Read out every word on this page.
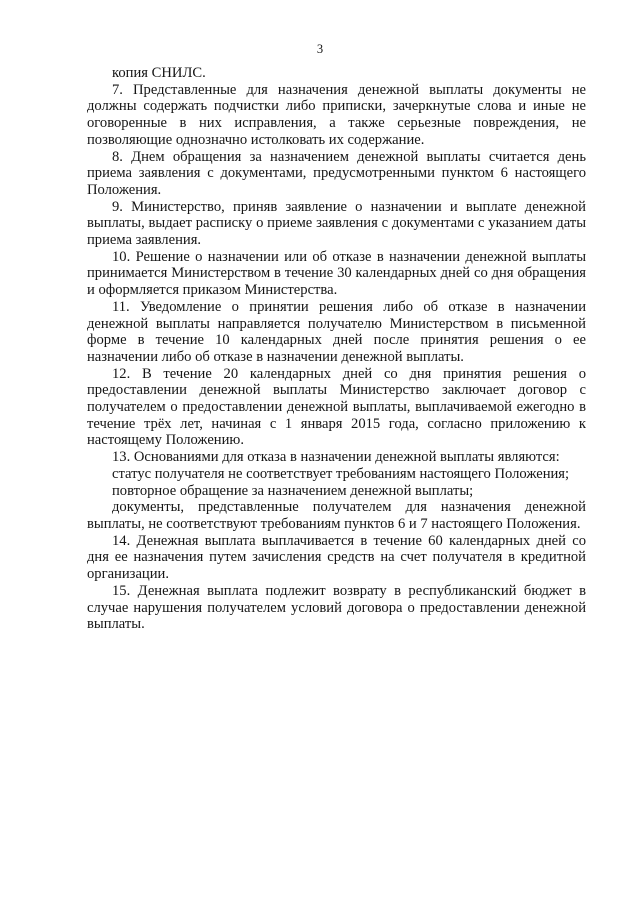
3

копия СНИЛС.

7. Представленные для назначения денежной выплаты документы не должны содержать подчистки либо приписки, зачеркнутые слова и иные не оговоренные в них исправления, а также серьезные повреждения, не позволяющие однозначно истолковать их содержание.

8. Днем обращения за назначением денежной выплаты считается день приема заявления с документами, предусмотренными пунктом 6 настоящего Положения.

9. Министерство, приняв заявление о назначении и выплате денежной выплаты, выдает расписку о приеме заявления с документами с указанием даты приема заявления.

10. Решение о назначении или об отказе в назначении денежной выплаты принимается Министерством в течение 30 календарных дней со дня обращения и оформляется приказом Министерства.

11. Уведомление о принятии решения либо об отказе в назначении денежной выплаты направляется получателю Министерством в письменной форме в течение 10 календарных дней после принятия решения о ее назначении либо об отказе в назначении денежной выплаты.

12. В течение 20 календарных дней со дня принятия решения о предоставлении денежной выплаты Министерство заключает договор с получателем о предоставлении денежной выплаты, выплачиваемой ежегодно в течение трёх лет, начиная с 1 января 2015 года, согласно приложению к настоящему Положению.

13. Основаниями для отказа в назначении денежной выплаты являются:

статус получателя не соответствует требованиям настоящего Положения;

повторное обращение за назначением денежной выплаты;

документы, представленные получателем для назначения денежной выплаты, не соответствуют требованиям пунктов 6 и 7 настоящего Положения.

14. Денежная выплата выплачивается в течение 60 календарных дней со дня ее назначения путем зачисления средств на счет получателя в кредитной организации.

15. Денежная выплата подлежит возврату в республиканский бюджет в случае нарушения получателем условий договора о предоставлении денежной выплаты.
